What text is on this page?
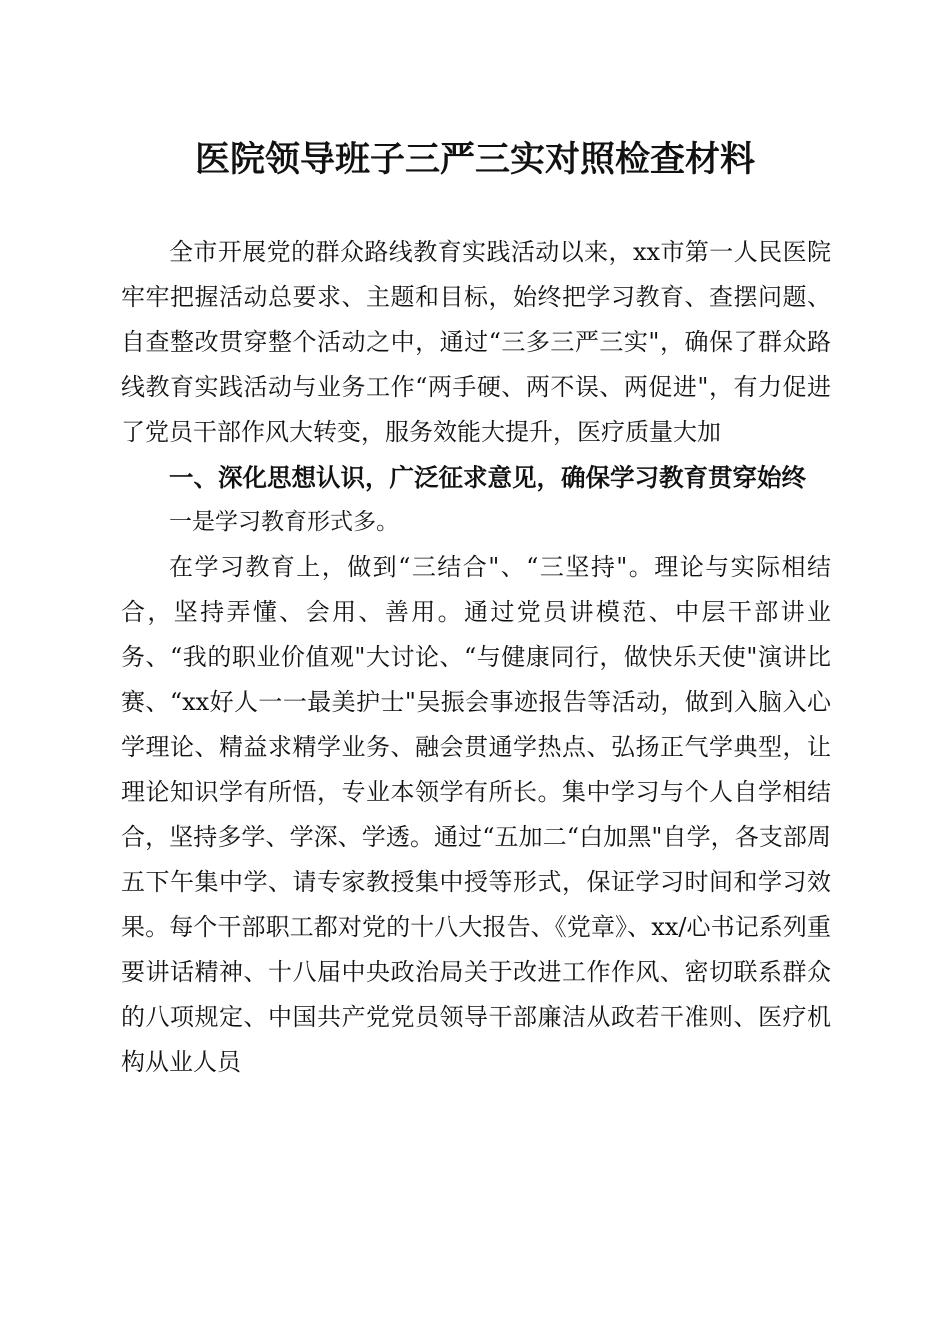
医院领导班子三严三实对照检查材料

全市开展党的群众路线教育实践活动以来，xx市第一人民医院牢牢把握活动总要求、主题和目标，始终把学习教育、查摆问题、自查整改贯穿整个活动之中，通过“三多三严三实"，确保了群众路线教育实践活动与业务工作“两手硬、两不误、两促进"，有力促进了党员干部作风大转变，服务效能大提升，医疗质量大加

一、深化思想认识，广泛征求意见，确保学习教育贯穿始终

一是学习教育形式多。

在学习教育上，做到“三结合"、“三坚持"。理论与实际相结合，坚持弄懂、会用、善用。通过党员讲模范、中层干部讲业务、“我的职业价值观"大讨论、“与健康同行，做快乐天使"演讲比赛、“xx好人一一最美护士"吴振会事迹报告等活动，做到入脑入心学理论、精益求精学业务、融会贯通学热点、弘扬正气学典型，让理论知识学有所悟，专业本领学有所长。集中学习与个人自学相结合，坚持多学、学深、学透。通过“五加二“白加黑"自学，各支部周五下午集中学、请专家教授集中授等形式，保证学习时间和学习效果。每个干部职工都对党的十八大报告、《党章》、xx/心书记系列重要讲话精神、十八届中央政治局关于改进工作作风、密切联系群众的八项规定、中国共产党党员领导干部廉洁从政若干准则、医疗机构从业人员
